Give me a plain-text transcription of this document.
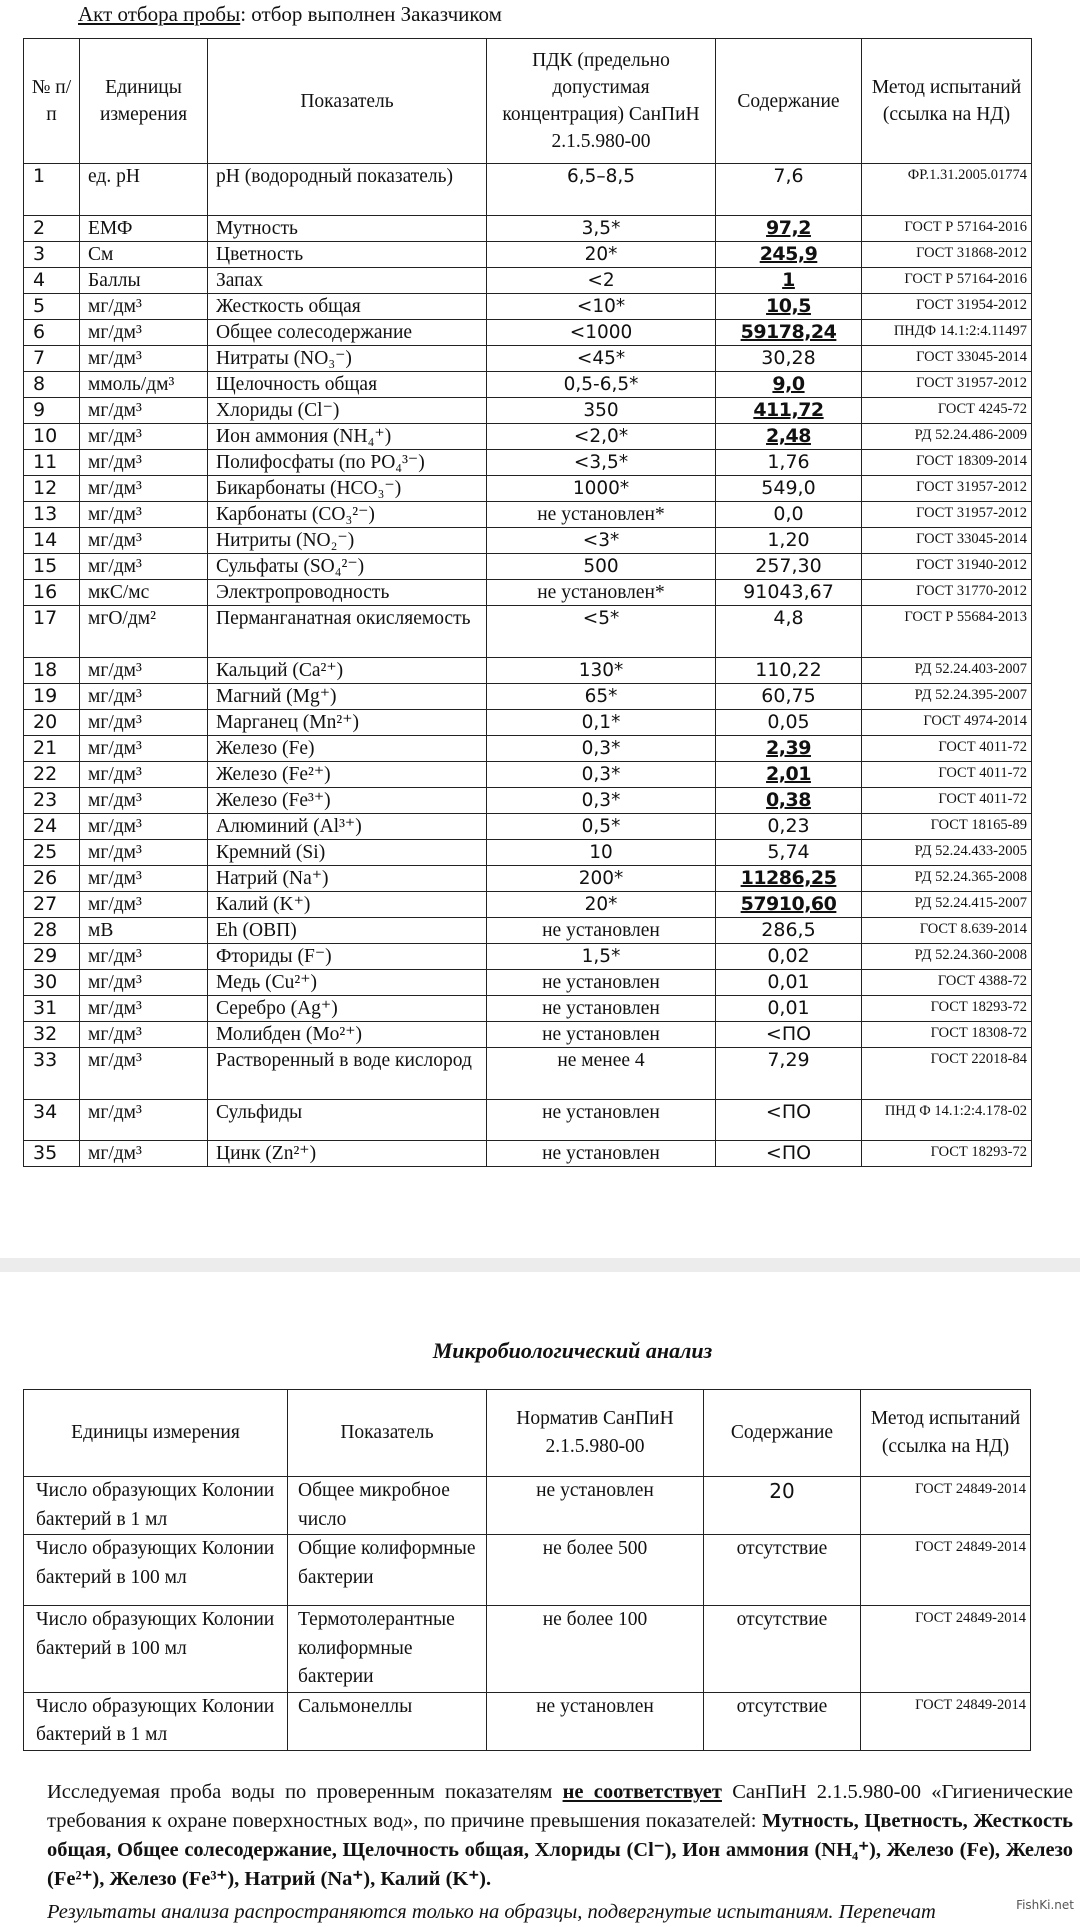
Акт отбора пробы: отбор выполнен Заказчиком
№ п/п	Единицы измерения	Показатель	ПДК (предельно допустимая концентрация) СанПиН 2.1.5.980-00	Содержание	Метод испытаний (ссылка на НД)
1	ед. pH	pH (водородный показатель)	6,5–8,5	7,6	ФР.1.31.2005.01774
2	ЕМФ	Мутность	3,5*	97,2	ГОСТ Р 57164-2016
3	См	Цветность	20*	245,9	ГОСТ 31868-2012
4	Баллы	Запах	<2	1	ГОСТ Р 57164-2016
5	мг/дм³	Жесткость общая	<10*	10,5	ГОСТ 31954-2012
6	мг/дм³	Общее солесодержание	<1000	59178,24	ПНДФ 14.1:2:4.11497
7	мг/дм³	Нитраты (NO₃⁻)	<45*	30,28	ГОСТ 33045-2014
8	ммоль/дм³	Щелочность общая	0,5-6,5*	9,0	ГОСТ 31957-2012
9	мг/дм³	Хлориды (Cl⁻)	350	411,72	ГОСТ 4245-72
10	мг/дм³	Ион аммония (NH₄⁺)	<2,0*	2,48	РД 52.24.486-2009
11	мг/дм³	Полифосфаты (по PO₄³⁻)	<3,5*	1,76	ГОСТ 18309-2014
12	мг/дм³	Бикарбонаты (HCO₃⁻)	1000*	549,0	ГОСТ 31957-2012
13	мг/дм³	Карбонаты (CO₃²⁻)	не установлен*	0,0	ГОСТ 31957-2012
14	мг/дм³	Нитриты (NO₂⁻)	<3*	1,20	ГОСТ 33045-2014
15	мг/дм³	Сульфаты (SO₄²⁻)	500	257,30	ГОСТ 31940-2012
16	мкС/мс	Электропроводность	не установлен*	91043,67	ГОСТ 31770-2012
17	мгО/дм²	Перманганатная окисляемость	<5*	4,8	ГОСТ Р 55684-2013
18	мг/дм³	Кальций (Ca²⁺)	130*	110,22	РД 52.24.403-2007
19	мг/дм³	Магний (Mg⁺)	65*	60,75	РД 52.24.395-2007
20	мг/дм³	Марганец (Mn²⁺)	0,1*	0,05	ГОСТ 4974-2014
21	мг/дм³	Железо (Fe)	0,3*	2,39	ГОСТ 4011-72
22	мг/дм³	Железо (Fe²⁺)	0,3*	2,01	ГОСТ 4011-72
23	мг/дм³	Железо (Fe³⁺)	0,3*	0,38	ГОСТ 4011-72
24	мг/дм³	Алюминий (Al³⁺)	0,5*	0,23	ГОСТ 18165-89
25	мг/дм³	Кремний (Si)	10	5,74	РД 52.24.433-2005
26	мг/дм³	Натрий (Na⁺)	200*	11286,25	РД 52.24.365-2008
27	мг/дм³	Калий (K⁺)	20*	57910,60	РД 52.24.415-2007
28	мВ	Eh (ОВП)	не установлен	286,5	ГОСТ 8.639-2014
29	мг/дм³	Фториды (F⁻)	1,5*	0,02	РД 52.24.360-2008
30	мг/дм³	Медь (Cu²⁺)	не установлен	0,01	ГОСТ 4388-72
31	мг/дм³	Серебро (Ag⁺)	не установлен	0,01	ГОСТ 18293-72
32	мг/дм³	Молибден (Mo²⁺)	не установлен	<ПО	ГОСТ 18308-72
33	мг/дм³	Растворенный в воде кислород	не менее 4	7,29	ГОСТ 22018-84
34	мг/дм³	Сульфиды	не установлен	<ПО	ПНД Ф 14.1:2:4.178-02
35	мг/дм³	Цинк (Zn²⁺)	не установлен	<ПО	ГОСТ 18293-72
Микробиологический анализ
Единицы измерения	Показатель	Норматив СанПиН 2.1.5.980-00	Содержание	Метод испытаний (ссылка на НД)
Число образующих Колонии бактерий в 1 мл	Общее микробное число	не установлен	20	ГОСТ 24849-2014
Число образующих Колонии бактерий в 100 мл	Общие колиформные бактерии	не более 500	отсутствие	ГОСТ 24849-2014
Число образующих Колонии бактерий в 100 мл	Термотолерантные колиформные бактерии	не более 100	отсутствие	ГОСТ 24849-2014
Число образующих Колонии бактерий в 1 мл	Сальмонеллы	не установлен	отсутствие	ГОСТ 24849-2014
Исследуемая проба воды по проверенным показателям не соответствует СанПиН 2.1.5.980-00 «Гигиенические требования к охране поверхностных вод», по причине превышения показателей: Мутность, Цветность, Жесткость общая, Общее солесодержание, Щелочность общая, Хлориды (Cl⁻), Ион аммония (NH₄⁺), Железо (Fe), Железо (Fe²⁺), Железо (Fe³⁺), Натрий (Na⁺), Калий (K⁺).
Результаты анализа распространяются только на образцы, подвергнутые испытаниям. Перепечат	FishKi.net
